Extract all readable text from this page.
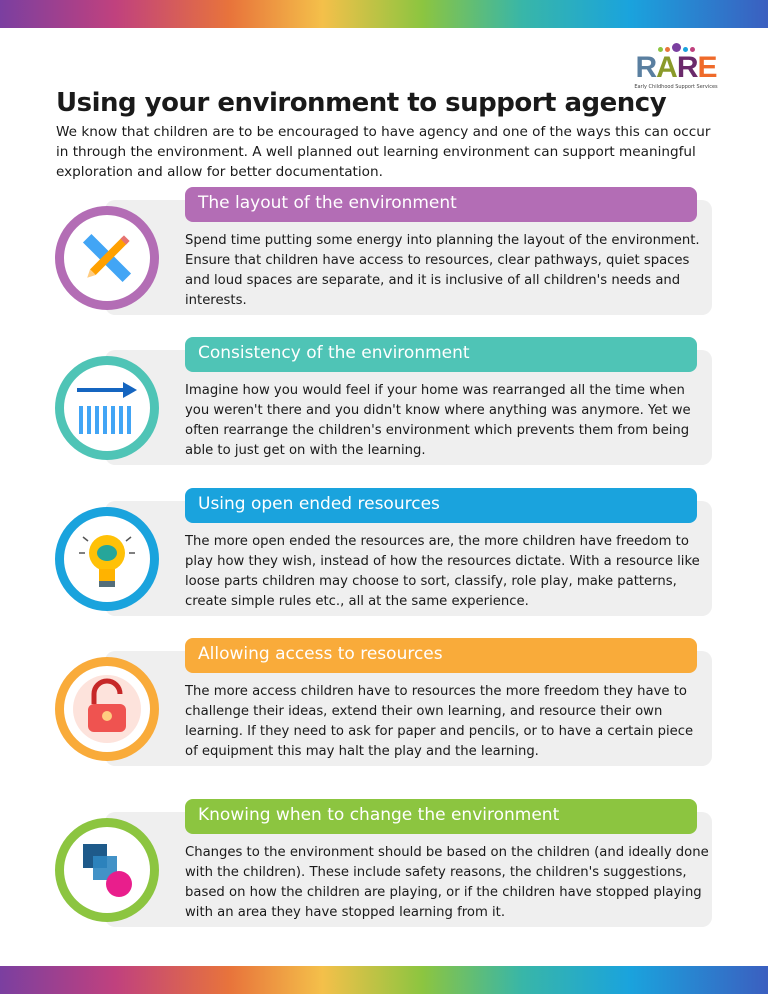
RARE
Early Childhood Support Services
Using your environment to support agency

We know that children are to be encouraged to have agency and one of the ways this can occur in through the environment. A well planned out learning environment can support meaningful exploration and allow for better documentation.

The layout of the environment

Spend time putting some energy into planning the layout of the environment. Ensure that children have access to resources, clear pathways, quiet spaces and loud spaces are separate, and it is inclusive of all children's needs and interests.

Consistency of the environment

Imagine how you would feel if your home was rearranged all the time when you weren't there and you didn't know where anything was anymore. Yet we often rearrange the children's environment which prevents them from being able to just get on with the learning.

Using open ended resources

The more open ended the resources are, the more children have freedom to play how they wish, instead of how the resources dictate. With a resource like loose parts children may choose to sort, classify, role play, make patterns, create simple rules etc., all at the same experience.

Allowing access to resources

The more access children have to resources the more freedom they have to challenge their ideas, extend their own learning, and resource their own learning. If they need to ask for paper and pencils, or to have a certain piece of equipment this may halt the play and the learning.

Knowing when to change the environment

Changes to the environment should be based on the children (and ideally done with the children). These include safety reasons, the children's suggestions, based on how the children are playing, or if the children have stopped playing with an area they have stopped learning from it.
